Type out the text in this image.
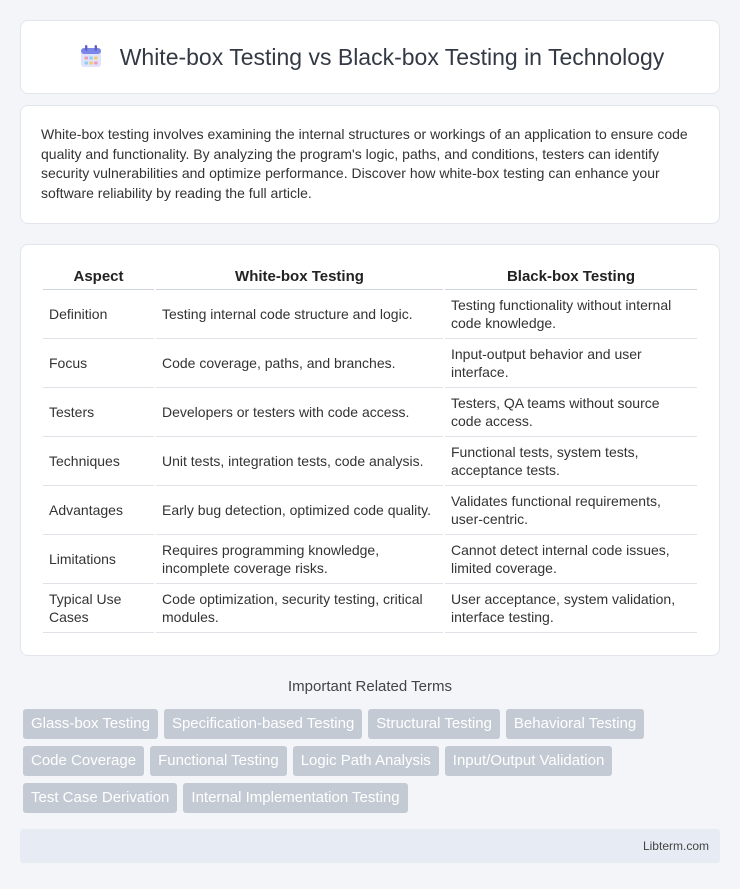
White-box Testing vs Black-box Testing in Technology

White-box testing involves examining the internal structures or workings of an application to ensure code quality and functionality. By analyzing the program's logic, paths, and conditions, testers can identify security vulnerabilities and optimize performance. Discover how white-box testing can enhance your software reliability by reading the full article.

Aspect	White-box Testing	Black-box Testing
Definition	Testing internal code structure and logic.	Testing functionality without internal code knowledge.
Focus	Code coverage, paths, and branches.	Input-output behavior and user interface.
Testers	Developers or testers with code access.	Testers, QA teams without source code access.
Techniques	Unit tests, integration tests, code analysis.	Functional tests, system tests, acceptance tests.
Advantages	Early bug detection, optimized code quality.	Validates functional requirements, user-centric.
Limitations	Requires programming knowledge, incomplete coverage risks.	Cannot detect internal code issues, limited coverage.
Typical Use Cases	Code optimization, security testing, critical modules.	User acceptance, system validation, interface testing.
Important Related Terms
Glass-box Testing	Specification-based Testing	Structural Testing	Behavioral Testing
Code Coverage	Functional Testing	Logic Path Analysis	Input/Output Validation
Test Case Derivation	Internal Implementation Testing
Libterm.com
